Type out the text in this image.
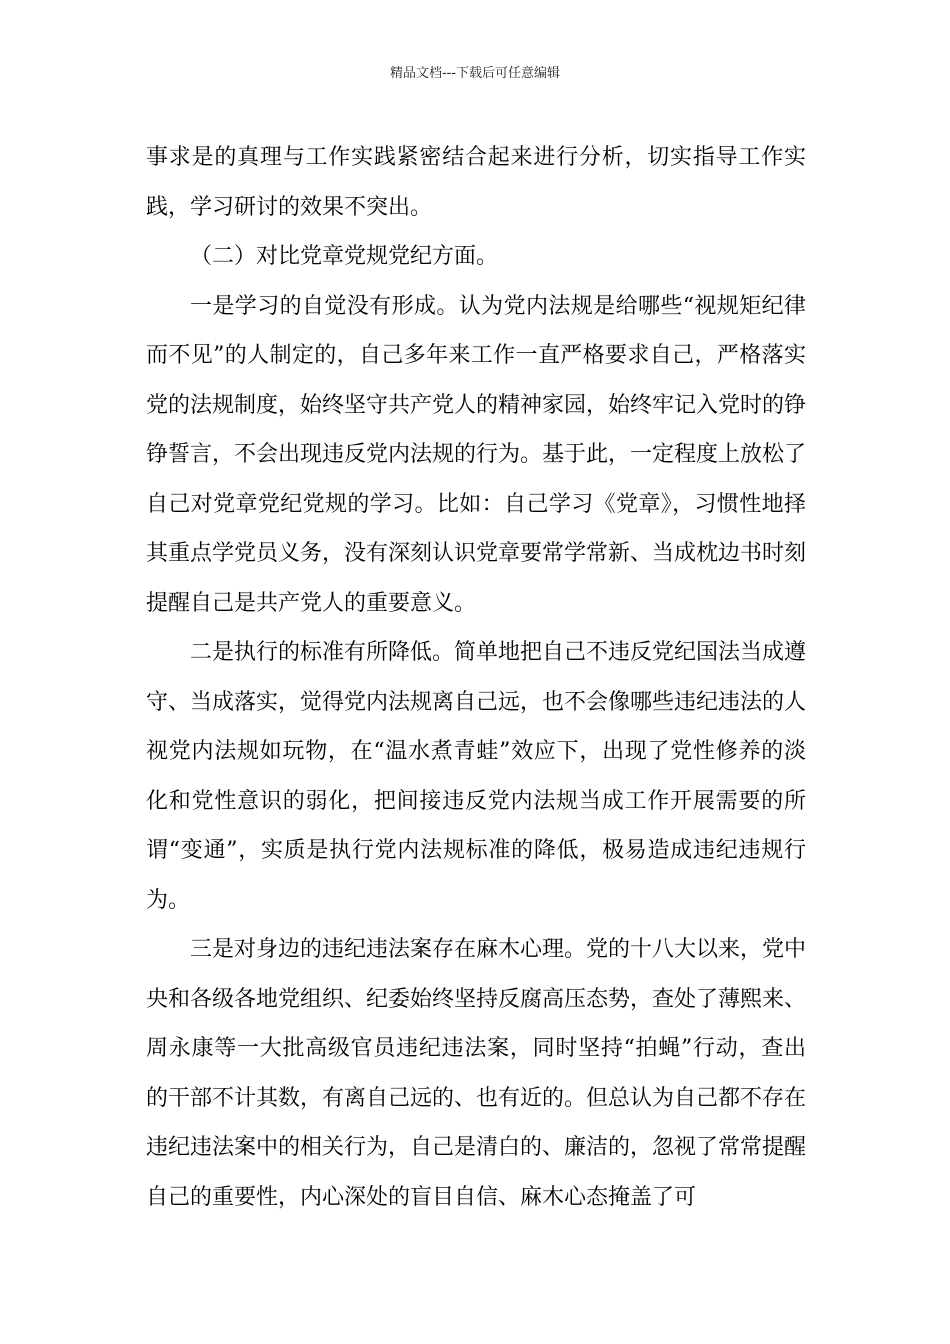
精品文档---下载后可任意编辑

事求是的真理与工作实践紧密结合起来进行分析，切实指导工作实践，学习研讨的效果不突出。

（二）对比党章党规党纪方面。

一是学习的自觉没有形成。认为党内法规是给哪些“视规矩纪律而不见”的人制定的，自己多年来工作一直严格要求自己，严格落实党的法规制度，始终坚守共产党人的精神家园，始终牢记入党时的铮铮誓言，不会出现违反党内法规的行为。基于此，一定程度上放松了自己对党章党纪党规的学习。比如：自己学习《党章》，习惯性地择其重点学党员义务，没有深刻认识党章要常学常新、当成枕边书时刻提醒自己是共产党人的重要意义。

二是执行的标准有所降低。简单地把自己不违反党纪国法当成遵守、当成落实，觉得党内法规离自己远，也不会像哪些违纪违法的人视党内法规如玩物，在“温水煮青蛙”效应下，出现了党性修养的淡化和党性意识的弱化，把间接违反党内法规当成工作开展需要的所谓“变通”，实质是执行党内法规标准的降低，极易造成违纪违规行为。

三是对身边的违纪违法案存在麻木心理。党的十八大以来，党中央和各级各地党组织、纪委始终坚持反腐高压态势，查处了薄熙来、周永康等一大批高级官员违纪违法案，同时坚持“拍蝇”行动，查出的干部不计其数，有离自己远的、也有近的。但总认为自己都不存在违纪违法案中的相关行为，自己是清白的、廉洁的，忽视了常常提醒自己的重要性，内心深处的盲目自信、麻木心态掩盖了可
